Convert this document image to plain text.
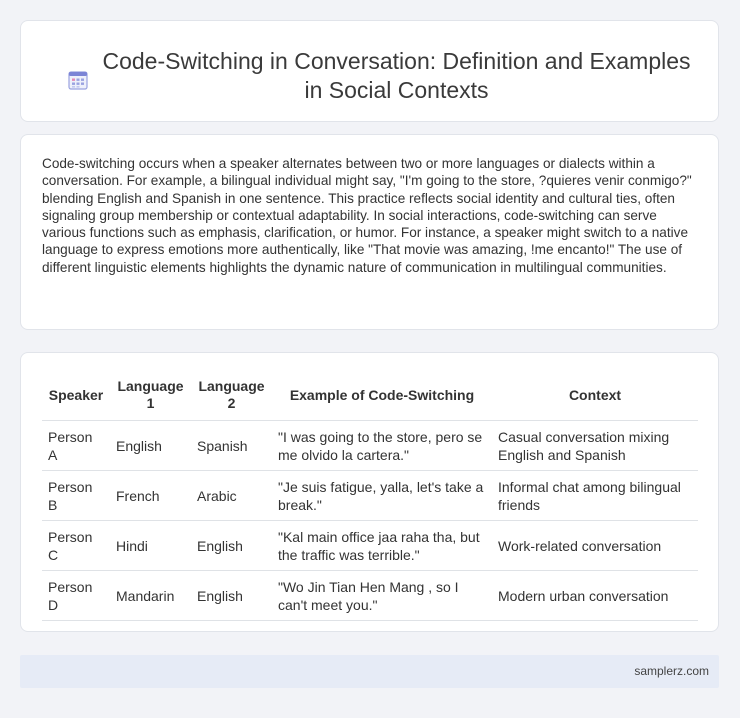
Code-Switching in Conversation: Definition and Examples in Social Contexts

Code-switching occurs when a speaker alternates between two or more languages or dialects within a conversation. For example, a bilingual individual might say, "I'm going to the store, ?quieres venir conmigo?" blending English and Spanish in one sentence. This practice reflects social identity and cultural ties, often signaling group membership or contextual adaptability. In social interactions, code-switching can serve various functions such as emphasis, clarification, or humor. For instance, a speaker might switch to a native language to express emotions more authentically, like "That movie was amazing, !me encanto!" The use of different linguistic elements highlights the dynamic nature of communication in multilingual communities.

Speaker	Language 1	Language 2	Example of Code-Switching	Context
Person A	English	Spanish	"I was going to the store, pero se me olvido la cartera."	Casual conversation mixing English and Spanish
Person B	French	Arabic	"Je suis fatigue, yalla, let's take a break."	Informal chat among bilingual friends
Person C	Hindi	English	"Kal main office jaa raha tha, but the traffic was terrible."	Work-related conversation
Person D	Mandarin	English	"Wo Jin Tian Hen Mang , so I can't meet you."	Modern urban conversation
samplerz.com
